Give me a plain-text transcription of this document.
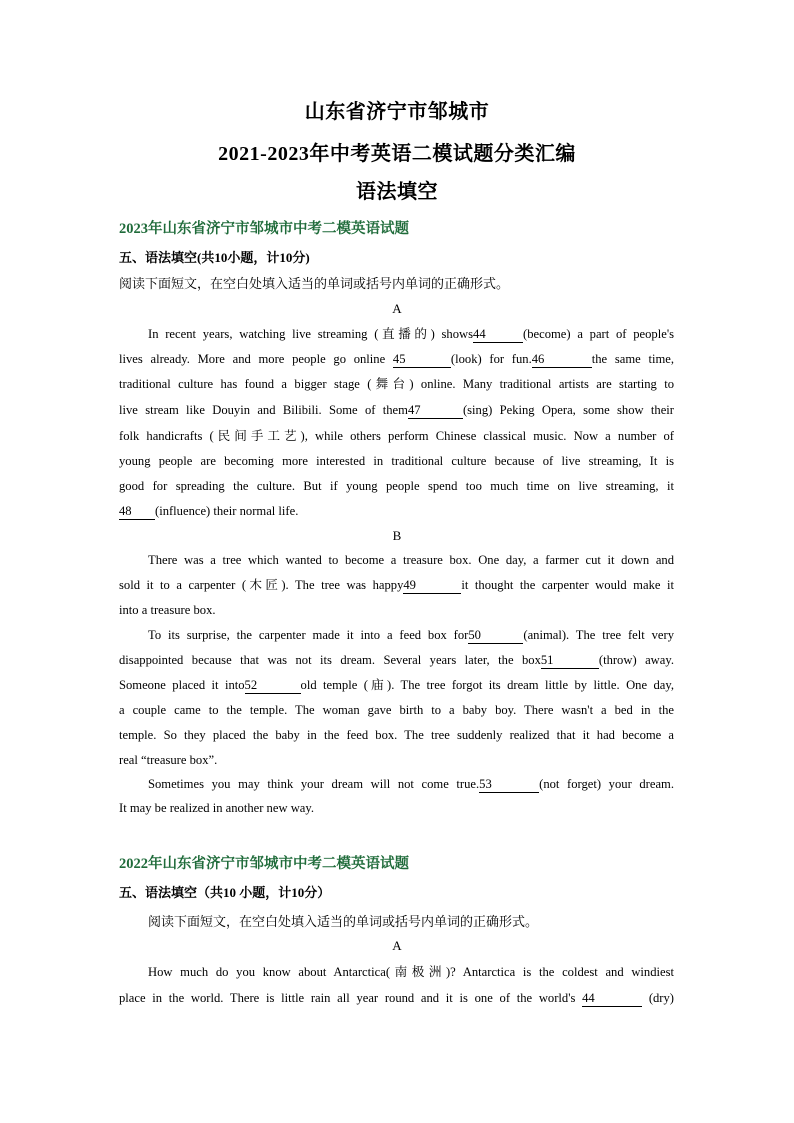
山东省济宁市邹城市
2021-2023年中考英语二模试题分类汇编
语法填空
2023年山东省济宁市邹城市中考二模英语试题
五、语法填空(共10小题，计10分)
阅读下面短文，在空白处填入适当的单词或括号内单词的正确形式。
A
In recent years, watching live streaming (直播的) shows44	(become) a part of people's
lives already. More and more people go online 45	(look) for fun.46	the same time,
traditional culture has found a bigger stage (舞台) online. Many traditional artists are starting to
live stream like Douyin and Bilibili. Some of them47	(sing) Peking Opera, some show their
folk handicrafts (民间手工艺), while others perform Chinese classical music. Now a number of
young people are becoming more interested in traditional culture because of live streaming, It is
good for spreading the culture. But if young people spend too much time on live streaming, it
48 (influence) their normal life.
B
There was a tree which wanted to become a treasure box. One day, a farmer cut it down and
sold it to a carpenter (木匠). The tree was happy49	it thought the carpenter would make it
into a treasure box.
To its surprise, the carpenter made it into a feed box for50	(animal). The tree felt very
disappointed because that was not its dream. Several years later, the box51	(throw) away.
Someone placed it into52	old temple (庙). The tree forgot its dream little by little. One day,
a couple came to the temple. The woman gave birth to a baby boy. There wasn't a bed in the
temple. So they placed the baby in the feed box. The tree suddenly realized that it had become a
real “treasure box”.
Sometimes you may think your dream will not come true.53	(not forget) your dream.
It may be realized in another new way.
2022年山东省济宁市邹城市中考二模英语试题
五、语法填空（共10 小题，计10分）
阅读下面短文，在空白处填入适当的单词或括号内单词的正确形式。
A
How much do you know about Antarctica(南极洲)? Antarctica is the coldest and windiest
place in the world. There is little rain all year round and it is one of the world's 44	(dry)
